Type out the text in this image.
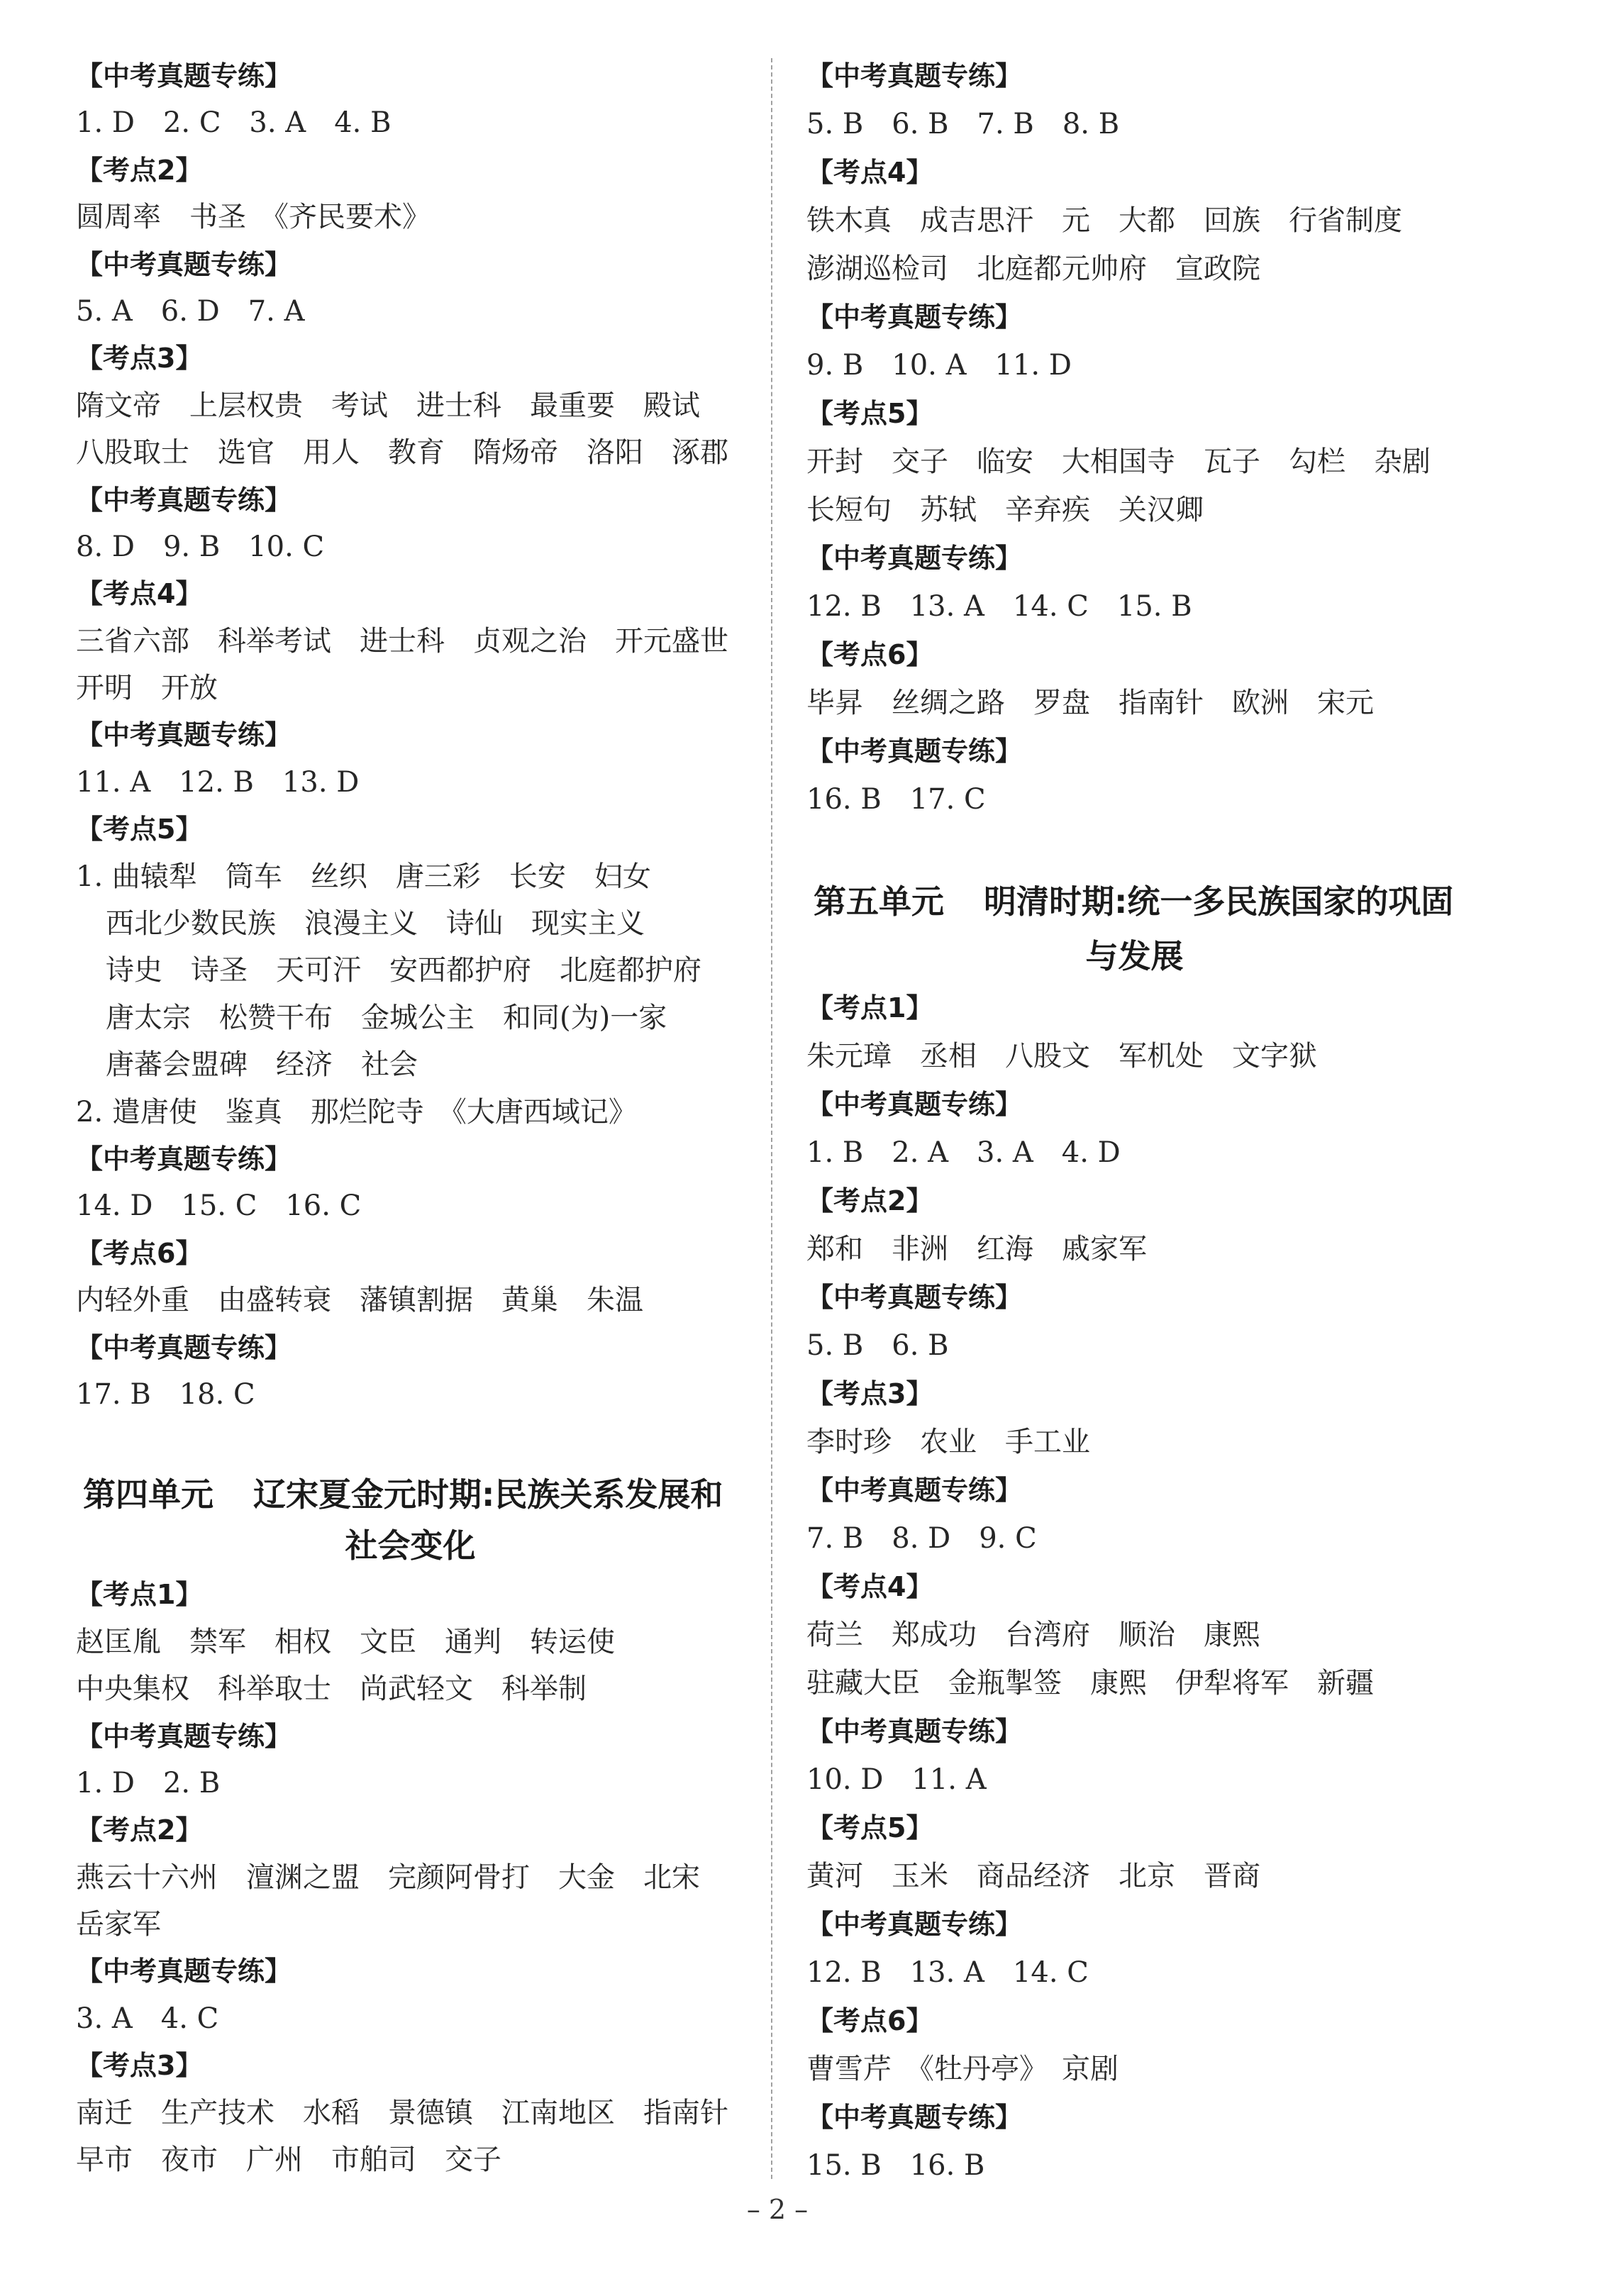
【中考真题专练】
1. D　2. C　3. A　4. B
【考点2】
圆周率　书圣　《齐民要术》
【中考真题专练】
5. A　6. D　7. A
【考点3】
隋文帝　上层权贵　考试　进士科　最重要　殿试
八股取士　选官　用人　教育　隋炀帝　洛阳　涿郡
【中考真题专练】
8. D　9. B　10. C
【考点4】
三省六部　科举考试　进士科　贞观之治　开元盛世
开明　开放
【中考真题专练】
11. A　12. B　13. D
【考点5】
1. 曲辕犁　筒车　丝织　唐三彩　长安　妇女
西北少数民族　浪漫主义　诗仙　现实主义
诗史　诗圣　天可汗　安西都护府　北庭都护府
唐太宗　松赞干布　金城公主　和同(为)一家
唐蕃会盟碑　经济　社会
2. 遣唐使　鉴真　那烂陀寺　《大唐西域记》
【中考真题专练】
14. D　15. C　16. C
【考点6】
内轻外重　由盛转衰　藩镇割据　黄巢　朱温
【中考真题专练】
17. B　18. C
第四单元 辽宋夏金元时期:民族关系发展和
社会变化
【考点1】
赵匡胤　禁军　相权　文臣　通判　转运使
中央集权　科举取士　尚武轻文　科举制
【中考真题专练】
1. D　2. B
【考点2】
燕云十六州　澶渊之盟　完颜阿骨打　大金　北宋
岳家军
【中考真题专练】
3. A　4. C
【考点3】
南迁　生产技术　水稻　景德镇　江南地区　指南针
早市　夜市　广州　市舶司　交子
【中考真题专练】
5. B　6. B　7. B　8. B
【考点4】
铁木真　成吉思汗　元　大都　回族　行省制度
澎湖巡检司　北庭都元帅府　宣政院
【中考真题专练】
9. B　10. A　11. D
【考点5】
开封　交子　临安　大相国寺　瓦子　勾栏　杂剧
长短句　苏轼　辛弃疾　关汉卿
【中考真题专练】
12. B　13. A　14. C　15. B
【考点6】
毕昇　丝绸之路　罗盘　指南针　欧洲　宋元
【中考真题专练】
16. B　17. C
第五单元 明清时期:统一多民族国家的巩固
与发展
【考点1】
朱元璋　丞相　八股文　军机处　文字狱
【中考真题专练】
1. B　2. A　3. A　4. D
【考点2】
郑和　非洲　红海　戚家军
【中考真题专练】
5. B　6. B
【考点3】
李时珍　农业　手工业
【中考真题专练】
7. B　8. D　9. C
【考点4】
荷兰　郑成功　台湾府　顺治　康熙
驻藏大臣　金瓶掣签　康熙　伊犁将军　新疆
【中考真题专练】
10. D　11. A
【考点5】
黄河　玉米　商品经济　北京　晋商
【中考真题专练】
12. B　13. A　14. C
【考点6】
曹雪芹　《牡丹亭》　京剧
【中考真题专练】
15. B　16. B
– 2 –
